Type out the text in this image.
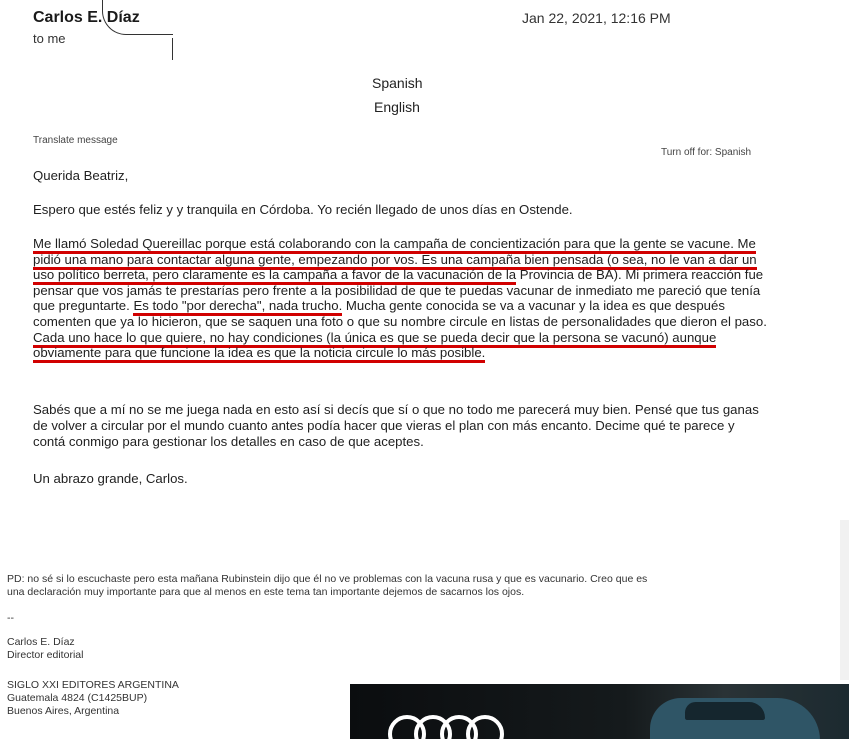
Carlos E. Díaz
to me
Jan 22, 2021, 12:16 PM
Spanish
English
Translate message
Turn off for: Spanish
Querida Beatriz,
Espero que estés feliz y y tranquila en Córdoba. Yo recién llegado de unos días en Ostende.
Me llamó Soledad Quereillac porque está colaborando con la campaña de concientización para que la gente se vacune. Me pidió una mano para contactar alguna gente, empezando por vos. Es una campaña bien pensada (o sea, no le van a dar un uso político berreta, pero claramente es la campaña a favor de la vacunación de la Provincia de BA). Mi primera reacción fue pensar que vos jamás te prestarías pero frente a la posibilidad de que te puedas vacunar de inmediato me pareció que tenía que preguntarte. Es todo "por derecha", nada trucho. Mucha gente conocida se va a vacunar y la idea es que después comenten que ya lo hicieron, que se saquen una foto o que su nombre circule en listas de personalidades que dieron el paso. Cada uno hace lo que quiere, no hay condiciones (la única es que se pueda decir que la persona se vacunó) aunque obviamente para que funcione la idea es que la noticia circule lo más posible.
Sabés que a mí no se me juega nada en esto así si decís que sí o que no todo me parecerá muy bien. Pensé que tus ganas de volver a circular por el mundo cuanto antes podía hacer que vieras el plan con más encanto. Decime qué te parece y contá conmigo para gestionar los detalles en caso de que aceptes.
Un abrazo grande, Carlos.
PD: no sé si lo escuchaste pero esta mañana Rubinstein dijo que él no ve problemas con la vacuna rusa y que es vacunario. Creo que es una declaración muy importante para que al menos en este tema tan importante dejemos de sacarnos los ojos.
--
Carlos E. Díaz
Director editorial
SIGLO XXI EDITORES ARGENTINA
Guatemala 4824 (C1425BUP)
Buenos Aires, Argentina
